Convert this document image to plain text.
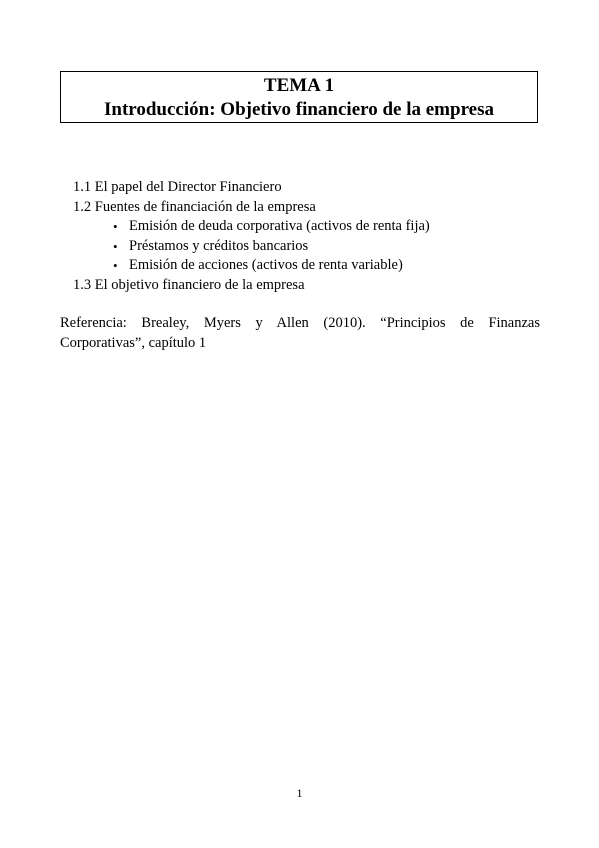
TEMA 1
Introducción: Objetivo financiero de la empresa
1.1 El papel del Director Financiero
1.2 Fuentes de financiación de la empresa
• Emisión de deuda corporativa (activos de renta fija)
• Préstamos y créditos bancarios
• Emisión de acciones (activos de renta variable)
1.3 El objetivo financiero de la empresa
Referencia: Brealey, Myers y Allen (2010). “Principios de Finanzas Corporativas”, capítulo 1
1
